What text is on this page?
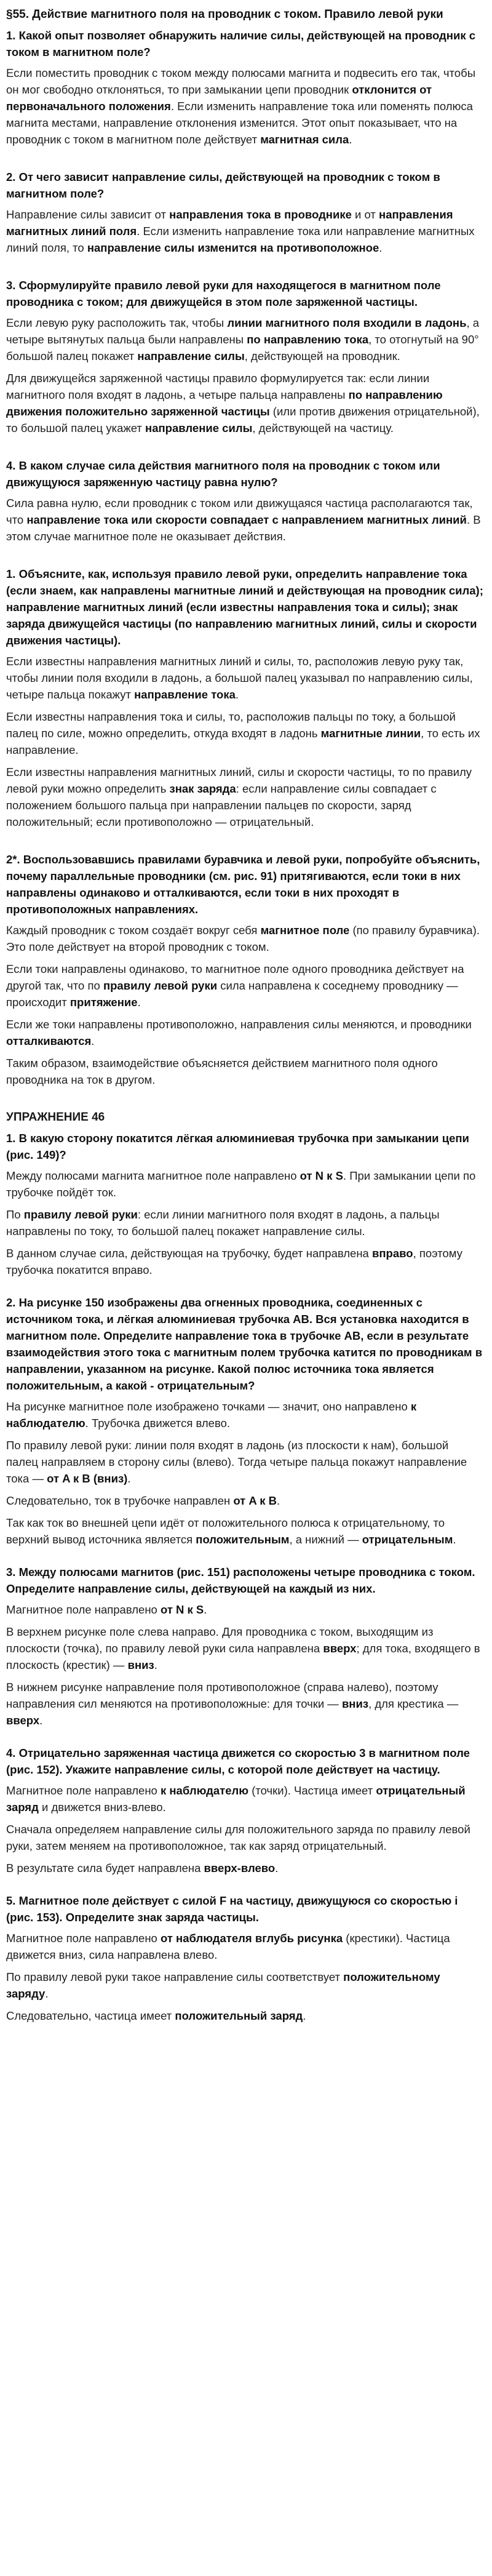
§55. Действие магнитного поля на проводник с током. Правило левой руки
1. Какой опыт позволяет обнаружить наличие силы, действующей на проводник с током в магнитном поле?
Если поместить проводник с током между полюсами магнита и подвесить его так, чтобы он мог свободно отклоняться, то при замыкании цепи проводник отклонится от первоначального положения. Если изменить направление тока или поменять полюса магнита местами, направление отклонения изменится. Этот опыт показывает, что на проводник с током в магнитном поле действует магнитная сила.
2. От чего зависит направление силы, действующей на проводник с током в магнитном поле?
Направление силы зависит от направления тока в проводнике и от направления магнитных линий поля. Если изменить направление тока или направление магнитных линий поля, то направление силы изменится на противоположное.
3. Сформулируйте правило левой руки для находящегося в магнитном поле проводника с током; для движущейся в этом поле заряженной частицы.
Если левую руку расположить так, чтобы линии магнитного поля входили в ладонь, а четыре вытянутых пальца были направлены по направлению тока, то отогнутый на 90° большой палец покажет направление силы, действующей на проводник.
Для движущейся заряженной частицы правило формулируется так: если линии магнитного поля входят в ладонь, а четыре пальца направлены по направлению движения положительно заряженной частицы (или против движения отрицательной), то большой палец укажет направление силы, действующей на частицу.
4. В каком случае сила действия магнитного поля на проводник с током или движущуюся заряженную частицу равна нулю?
Сила равна нулю, если проводник с током или движущаяся частица располагаются так, что направление тока или скорости совпадает с направлением магнитных линий. В этом случае магнитное поле не оказывает действия.
1. Объясните, как, используя правило левой руки, определить направление тока (если знаем, как направлены магнитные линий и действующая на проводник сила); направление магнитных линий (если известны направления тока и силы); знак заряда движущейся частицы (по направлению магнитных линий, силы и скорости движения частицы).
Если известны направления магнитных линий и силы, то, расположив левую руку так, чтобы линии поля входили в ладонь, а большой палец указывал по направлению силы, четыре пальца покажут направление тока.
Если известны направления тока и силы, то, расположив пальцы по току, а большой палец по силе, можно определить, откуда входят в ладонь магнитные линии, то есть их направление.
Если известны направления магнитных линий, силы и скорости частицы, то по правилу левой руки можно определить знак заряда: если направление силы совпадает с положением большого пальца при направлении пальцев по скорости, заряд положительный; если противоположно — отрицательный.
2*. Воспользовавшись правилами буравчика и левой руки, попробуйте объяснить, почему параллельные проводники (см. рис. 91) притягиваются, если токи в них направлены одинаково и отталкиваются, если токи в них проходят в противоположных направлениях.
Каждый проводник с током создаёт вокруг себя магнитное поле (по правилу буравчика). Это поле действует на второй проводник с током.
Если токи направлены одинаково, то магнитное поле одного проводника действует на другой так, что по правилу левой руки сила направлена к соседнему проводнику — происходит притяжение.
Если же токи направлены противоположно, направления силы меняются, и проводники отталкиваются.
Таким образом, взаимодействие объясняется действием магнитного поля одного проводника на ток в другом.
УПРАЖНЕНИЕ 46
1. В какую сторону покатится лёгкая алюминиевая трубочка при замыкании цепи (рис. 149)?
Между полюсами магнита магнитное поле направлено от N к S. При замыкании цепи по трубочке пойдёт ток.
По правилу левой руки: если линии магнитного поля входят в ладонь, а пальцы направлены по току, то большой палец покажет направление силы.
В данном случае сила, действующая на трубочку, будет направлена вправо, поэтому трубочка покатится вправо.
2. На рисунке 150 изображены два огненных проводника, соединенных с источником тока, и лёгкая алюминиевая трубочка АВ. Вся установка находится в магнитном поле. Определите направление тока в трубочке АВ, если в результате взаимодействия этого тока с магнитным полем трубочка катится по проводникам в направлении, указанном на рисунке. Какой полюс источника тока является положительным, а какой - отрицательным?
На рисунке магнитное поле изображено точками — значит, оно направлено к наблюдателю. Трубочка движется влево.
По правилу левой руки: линии поля входят в ладонь (из плоскости к нам), большой палец направляем в сторону силы (влево). Тогда четыре пальца покажут направление тока — от A к B (вниз).
Следовательно, ток в трубочке направлен от A к B.
Так как ток во внешней цепи идёт от положительного полюса к отрицательному, то верхний вывод источника является положительным, а нижний — отрицательным.
3. Между полюсами магнитов (рис. 151) расположены четыре проводника с током. Определите направление силы, действующей на каждый из них.
Магнитное поле направлено от N к S.
В верхнем рисунке поле слева направо. Для проводника с током, выходящим из плоскости (точка), по правилу левой руки сила направлена вверх; для тока, входящего в плоскость (крестик) — вниз.
В нижнем рисунке направление поля противоположное (справа налево), поэтому направления сил меняются на противоположные: для точки — вниз, для крестика — вверх.
4. Отрицательно заряженная частица движется со скоростью 3 в магнитном поле (рис. 152). Укажите направление силы, с которой поле действует на частицу.
Магнитное поле направлено к наблюдателю (точки). Частица имеет отрицательный заряд и движется вниз-влево.
Сначала определяем направление силы для положительного заряда по правилу левой руки, затем меняем на противоположное, так как заряд отрицательный.
В результате сила будет направлена вверх-влево.
5. Магнитное поле действует с силой F на частицу, движущуюся со скоростью i (рис. 153). Определите знак заряда частицы.
Магнитное поле направлено от наблюдателя вглубь рисунка (крестики). Частица движется вниз, сила направлена влево.
По правилу левой руки такое направление силы соответствует положительному заряду.
Следовательно, частица имеет положительный заряд.
